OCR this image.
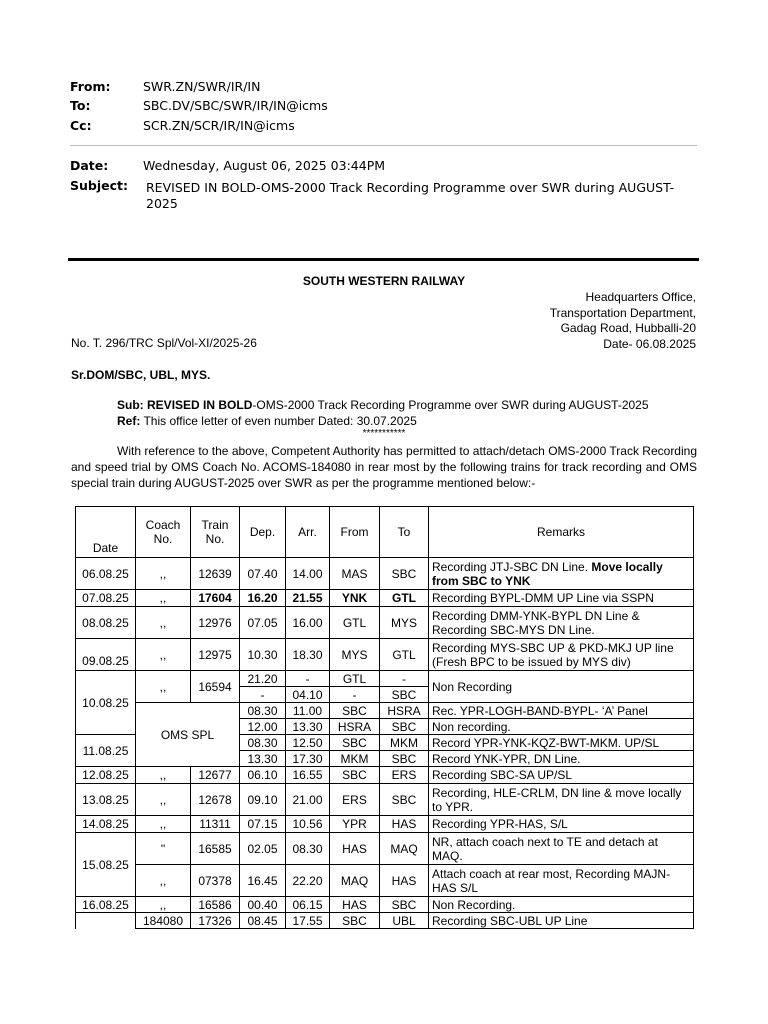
From:	SWR.ZN/SWR/IR/IN
To:	SBC.DV/SBC/SWR/IR/IN@icms
Cc:	SCR.ZN/SCR/IR/IN@icms
Date:	Wednesday, August 06, 2025 03:44PM
Subject: REVISED IN BOLD-OMS-2000 Track Recording Programme over SWR during AUGUST-2025
SOUTH WESTERN RAILWAY
Headquarters Office,
Transportation Department,
Gadag Road, Hubballi-20
Date- 06.08.2025
No. T. 296/TRC Spl/Vol-XI/2025-26
Sr.DOM/SBC, UBL, MYS.
Sub: REVISED IN BOLD-OMS-2000 Track Recording Programme over SWR during AUGUST-2025
Ref: This office letter of even number Dated: 30.07.2025
***********
With reference to the above, Competent Authority has permitted to attach/detach OMS-2000 Track Recording and speed trial by OMS Coach No. ACOMS-184080 in rear most by the following trains for track recording and OMS special train during AUGUST-2025 over SWR as per the programme mentioned below:-
Date	Coach No.	Train No.	Dep.	Arr.	From	To	Remarks
06.08.25	,,	12639	07.40	14.00	MAS	SBC	Recording JTJ-SBC DN Line. Move locally from SBC to YNK
07.08.25	,,	17604	16.20	21.55	YNK	GTL	Recording BYPL-DMM UP Line via SSPN
08.08.25	,,	12976	07.05	16.00	GTL	MYS	Recording DMM-YNK-BYPL DN Line & Recording SBC-MYS DN Line.
09.08.25	,,	12975	10.30	18.30	MYS	GTL	Recording MYS-SBC UP & PKD-MKJ UP line (Fresh BPC to be issued by MYS div)
10.08.25	,,	16594	21.20	-	GTL	-	Non Recording
			-	04.10	-	SBC	
	OMS SPL		08.30	11.00	SBC	HSRA	Rec. YPR-LOGH-BAND-BYPL- ‘A’ Panel
			12.00	13.30	HSRA	SBC	Non recording.
11.08.25			08.30	12.50	SBC	MKM	Record YPR-YNK-KQZ-BWT-MKM. UP/SL
			13.30	17.30	MKM	SBC	Record YNK-YPR, DN Line.
12.08.25	,,	12677	06.10	16.55	SBC	ERS	Recording SBC-SA UP/SL
13.08.25	,,	12678	09.10	21.00	ERS	SBC	Recording, HLE-CRLM, DN line & move locally to YPR.
14.08.25	,,	11311	07.15	10.56	YPR	HAS	Recording YPR-HAS, S/L
15.08.25	''	16585	02.05	08.30	HAS	MAQ	NR, attach coach next to TE and detach at MAQ.
	,,	07378	16.45	22.20	MAQ	HAS	Attach coach at rear most, Recording MAJN-HAS S/L
16.08.25	,,	16586	00.40	06.15	HAS	SBC	Non Recording.
	184080	17326	08.45	17.55	SBC	UBL	Recording SBC-UBL UP Line
